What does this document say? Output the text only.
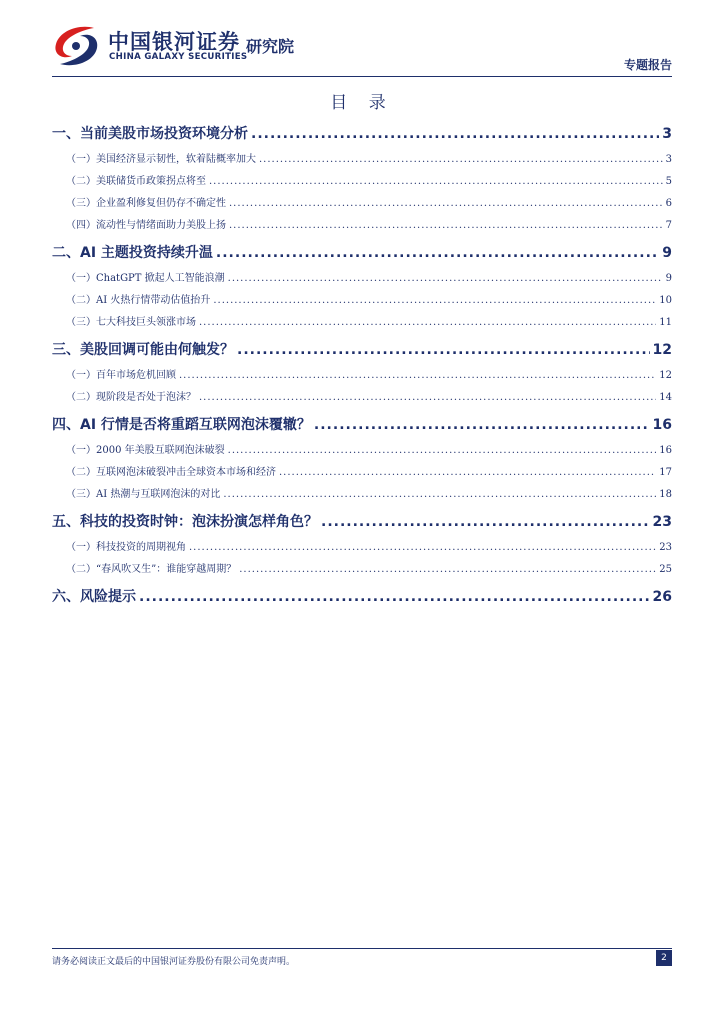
中国银河证券
CHINA GALAXY SECURITIES
研究院
专题报告
目 录
一、当前美股市场投资环境分析 .....	3
（一）美国经济显示韧性，软着陆概率加大 .....	3
（二）美联储货币政策拐点将至 .....	5
（三）企业盈利修复但仍存不确定性 .....	6
（四）流动性与情绪面助力美股上扬 .....	7
二、AI 主题投资持续升温 .....	9
（一）ChatGPT 掀起人工智能浪潮 .....	9
（二）AI 火热行情带动估值抬升 .....	10
（三）七大科技巨头领涨市场 .....	11
三、美股回调可能由何触发？ .....	12
（一）百年市场危机回顾 .....	12
（二）现阶段是否处于泡沫？ .....	14
四、AI 行情是否将重蹈互联网泡沫覆辙？ .....	16
（一）2000 年美股互联网泡沫破裂 .....	16
（二）互联网泡沫破裂冲击全球资本市场和经济 .....	17
（三）AI 热潮与互联网泡沫的对比 .....	18
五、科技的投资时钟：泡沫扮演怎样角色？ .....	23
（一）科技投资的周期视角 .....	23
（二）“春风吹又生”：谁能穿越周期？ .....	25
六、风险提示 .....	26
请务必阅读正文最后的中国银河证券股份有限公司免责声明。	2
